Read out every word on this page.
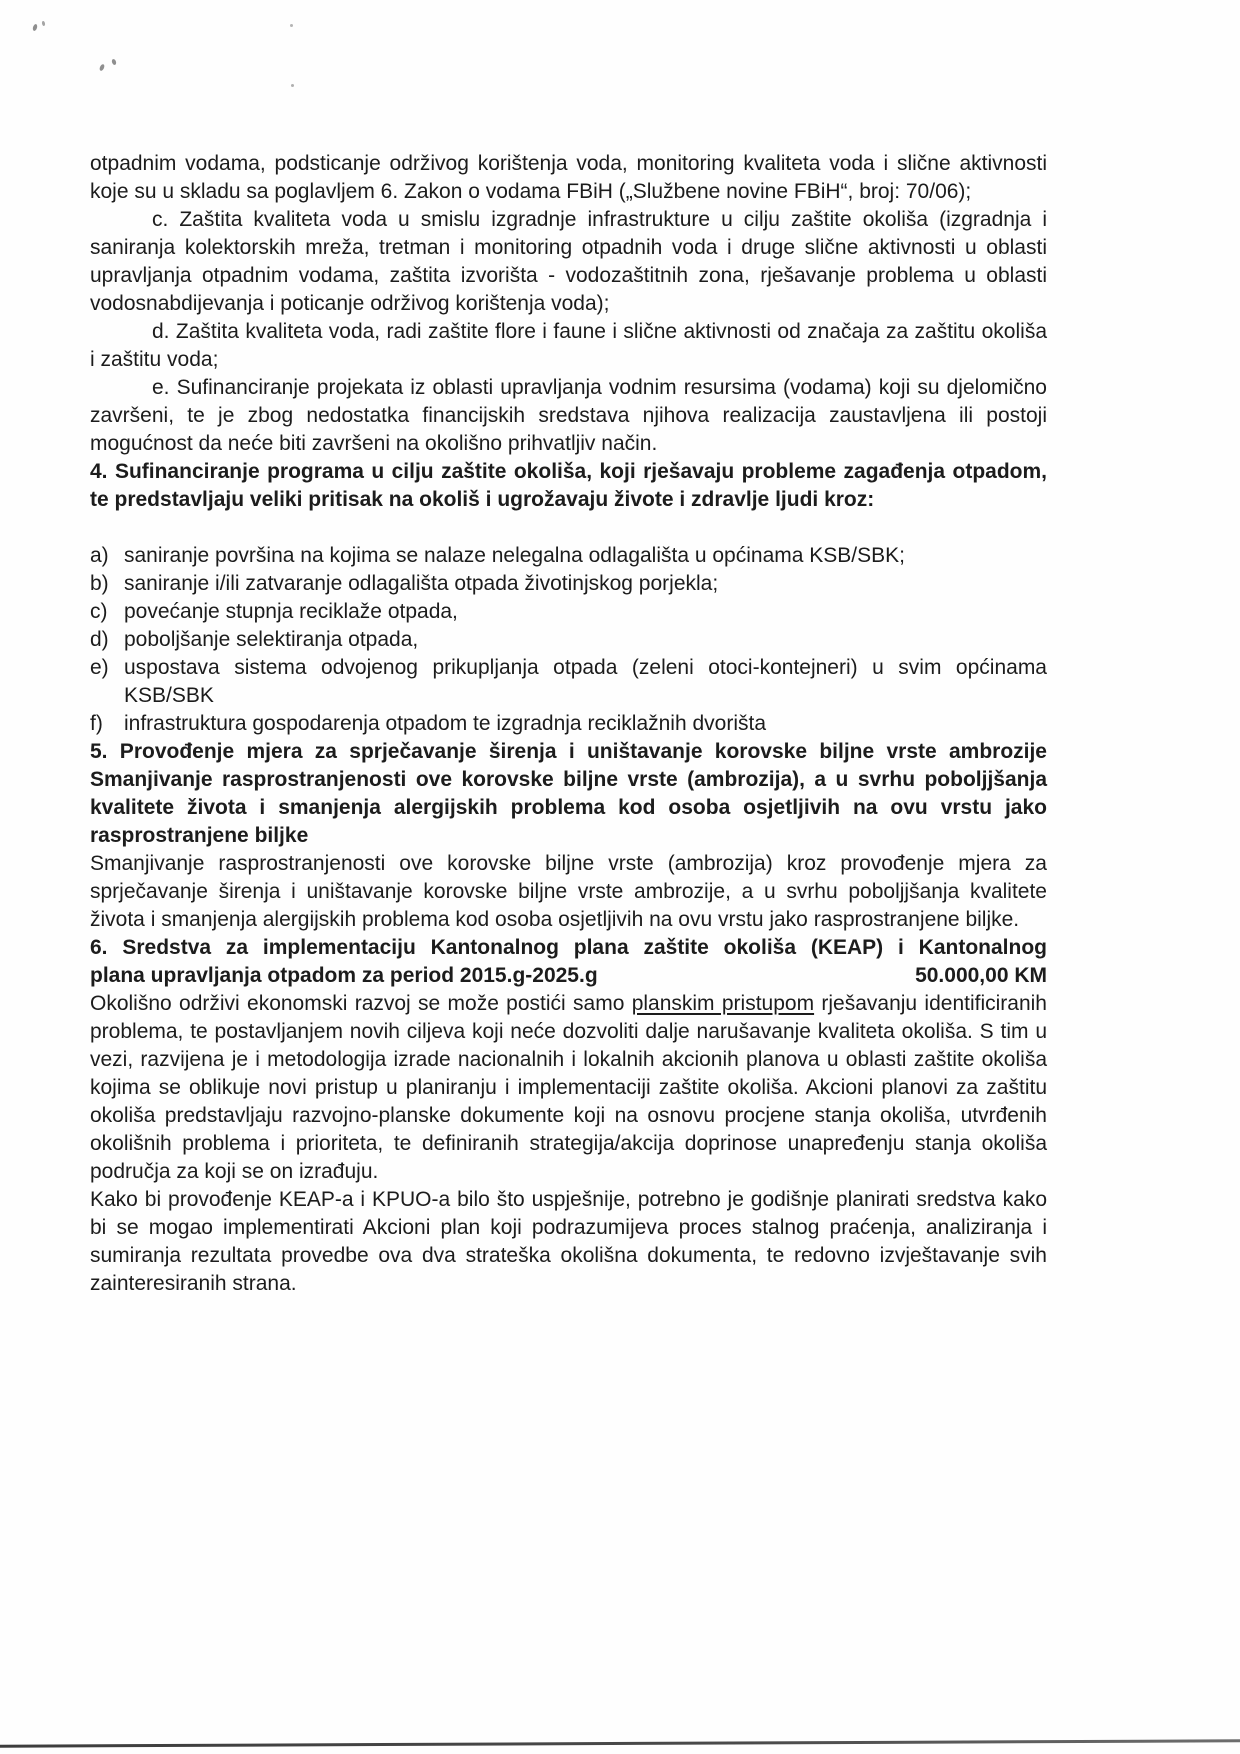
otpadnim vodama, podsticanje održivog korištenja voda, monitoring kvaliteta voda i slične aktivnosti koje su u skladu sa poglavljem 6. Zakon o vodama FBiH („Službene novine FBiH“, broj: 70/06);

c. Zaštita kvaliteta voda u smislu izgradnje infrastrukture u cilju zaštite okoliša (izgradnja i saniranja kolektorskih mreža, tretman i monitoring otpadnih voda i druge slične aktivnosti u oblasti upravljanja otpadnim vodama, zaštita izvorišta - vodozaštitnih zona, rješavanje problema u oblasti vodosnabdijevanja i poticanje održivog korištenja voda);

d. Zaštita kvaliteta voda, radi zaštite flore i faune i slične aktivnosti od značaja za zaštitu okoliša i zaštitu voda;

e. Sufinanciranje projekata iz oblasti upravljanja vodnim resursima (vodama) koji su djelomično završeni, te je zbog nedostatka financijskih sredstava njihova realizacija zaustavljena ili postoji mogućnost da neće biti završeni na okolišno prihvatljiv način.

4. Sufinanciranje programa u cilju zaštite okoliša, koji rješavaju probleme zagađenja otpadom, te predstavljaju veliki pritisak na okoliš i ugrožavaju živote i zdravlje ljudi kroz:

a) saniranje površina na kojima se nalaze nelegalna odlagališta u općinama KSB/SBK;
b) saniranje i/ili zatvaranje odlagališta otpada životinjskog porjekla;
c) povećanje stupnja reciklaže otpada,
d) poboljšanje selektiranja otpada,
e) uspostava sistema odvojenog prikupljanja otpada (zeleni otoci-kontejneri) u svim općinama KSB/SBK
f)	infrastruktura gospodarenja otpadom te izgradnja reciklažnih dvorišta

5. Provođenje mjera za sprječavanje širenja i uništavanje korovske biljne vrste ambrozije

Smanjivanje rasprostranjenosti ove korovske biljne vrste (ambrozija), a u svrhu poboljjšanja kvalitete života i smanjenja alergijskih problema kod osoba osjetljivih na ovu vrstu jako rasprostranjene biljke

Smanjivanje rasprostranjenosti ove korovske biljne vrste (ambrozija) kroz provođenje mjera za sprječavanje širenja i uništavanje korovske biljne vrste ambrozije, a u svrhu poboljjšanja kvalitete života i smanjenja alergijskih problema kod osoba osjetljivih na ovu vrstu jako rasprostranjene biljke.

6. Sredstva za implementaciju Kantonalnog plana zaštite okoliša (KEAP) i Kantonalnog

plana upravljanja otpadom za period 2015.g-2025.g	50.000,00 KM

Okolišno održivi ekonomski razvoj se može postići samo planskim pristupom rješavanju identificiranih problema, te postavljanjem novih ciljeva koji neće dozvoliti dalje narušavanje kvaliteta okoliša. S tim u vezi, razvijena je i metodologija izrade nacionalnih i lokalnih akcionih planova u oblasti zaštite okoliša kojima se oblikuje novi pristup u planiranju i implementaciji zaštite okoliša. Akcioni planovi za zaštitu okoliša predstavljaju razvojno-planske dokumente koji na osnovu procjene stanja okoliša, utvrđenih okolišnih problema i prioriteta, te definiranih strategija/akcija doprinose unapređenju stanja okoliša područja za koji se on izrađuju.

Kako bi provođenje KEAP-a i KPUO-a bilo što uspješnije, potrebno je godišnje planirati sredstva kako bi se mogao implementirati Akcioni plan koji podrazumijeva proces stalnog praćenja, analiziranja i sumiranja rezultata provedbe ova dva strateška okolišna dokumenta, te redovno izvještavanje svih zainteresiranih strana.
